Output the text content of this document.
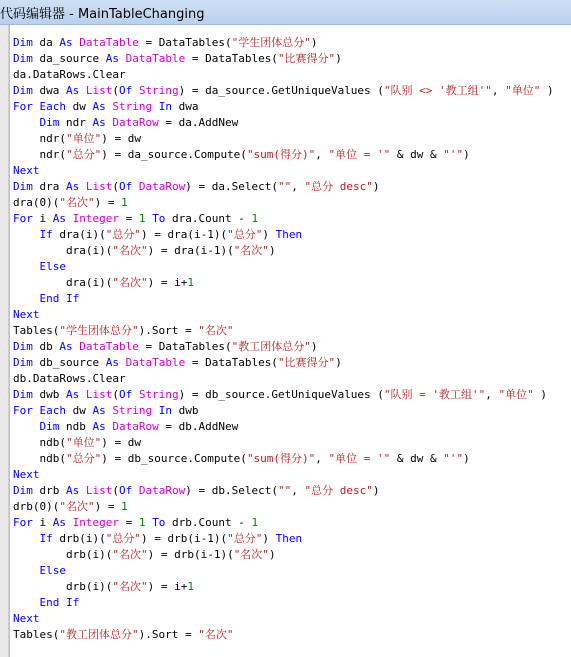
代码编辑器 - MainTableChanging
Dim da As DataTable = DataTables("学生团体总分")
Dim da_source As DataTable = DataTables("比赛得分")
da.DataRows.Clear
Dim dwa As List(Of String) = da_source.GetUniqueValues ("队别 <> '教工组'", "单位" )
For Each dw As String In dwa
Dim ndr As DataRow = da.AddNew
ndr("单位") = dw
ndr("总分") = da_source.Compute("sum(得分)", "单位 = '" & dw & "'")
Next
Dim dra As List(Of DataRow) = da.Select("", "总分 desc")
dra(0)("名次") = 1
For i As Integer = 1 To dra.Count - 1
If dra(i)("总分") = dra(i-1)("总分") Then
dra(i)("名次") = dra(i-1)("名次")
Else
dra(i)("名次") = i+1
End If
Next
Tables("学生团体总分").Sort = "名次"
Dim db As DataTable = DataTables("教工团体总分")
Dim db_source As DataTable = DataTables("比赛得分")
db.DataRows.Clear
Dim dwb As List(Of String) = db_source.GetUniqueValues ("队别 = '教工组'", "单位" )
For Each dw As String In dwb
Dim ndb As DataRow = db.AddNew
ndb("单位") = dw
ndb("总分") = db_source.Compute("sum(得分)", "单位 = '" & dw & "'")
Next
Dim drb As List(Of DataRow) = db.Select("", "总分 desc")
drb(0)("名次") = 1
For i As Integer = 1 To drb.Count - 1
If drb(i)("总分") = drb(i-1)("总分") Then
drb(i)("名次") = drb(i-1)("名次")
Else
drb(i)("名次") = i+1
End If
Next
Tables("教工团体总分").Sort = "名次"
